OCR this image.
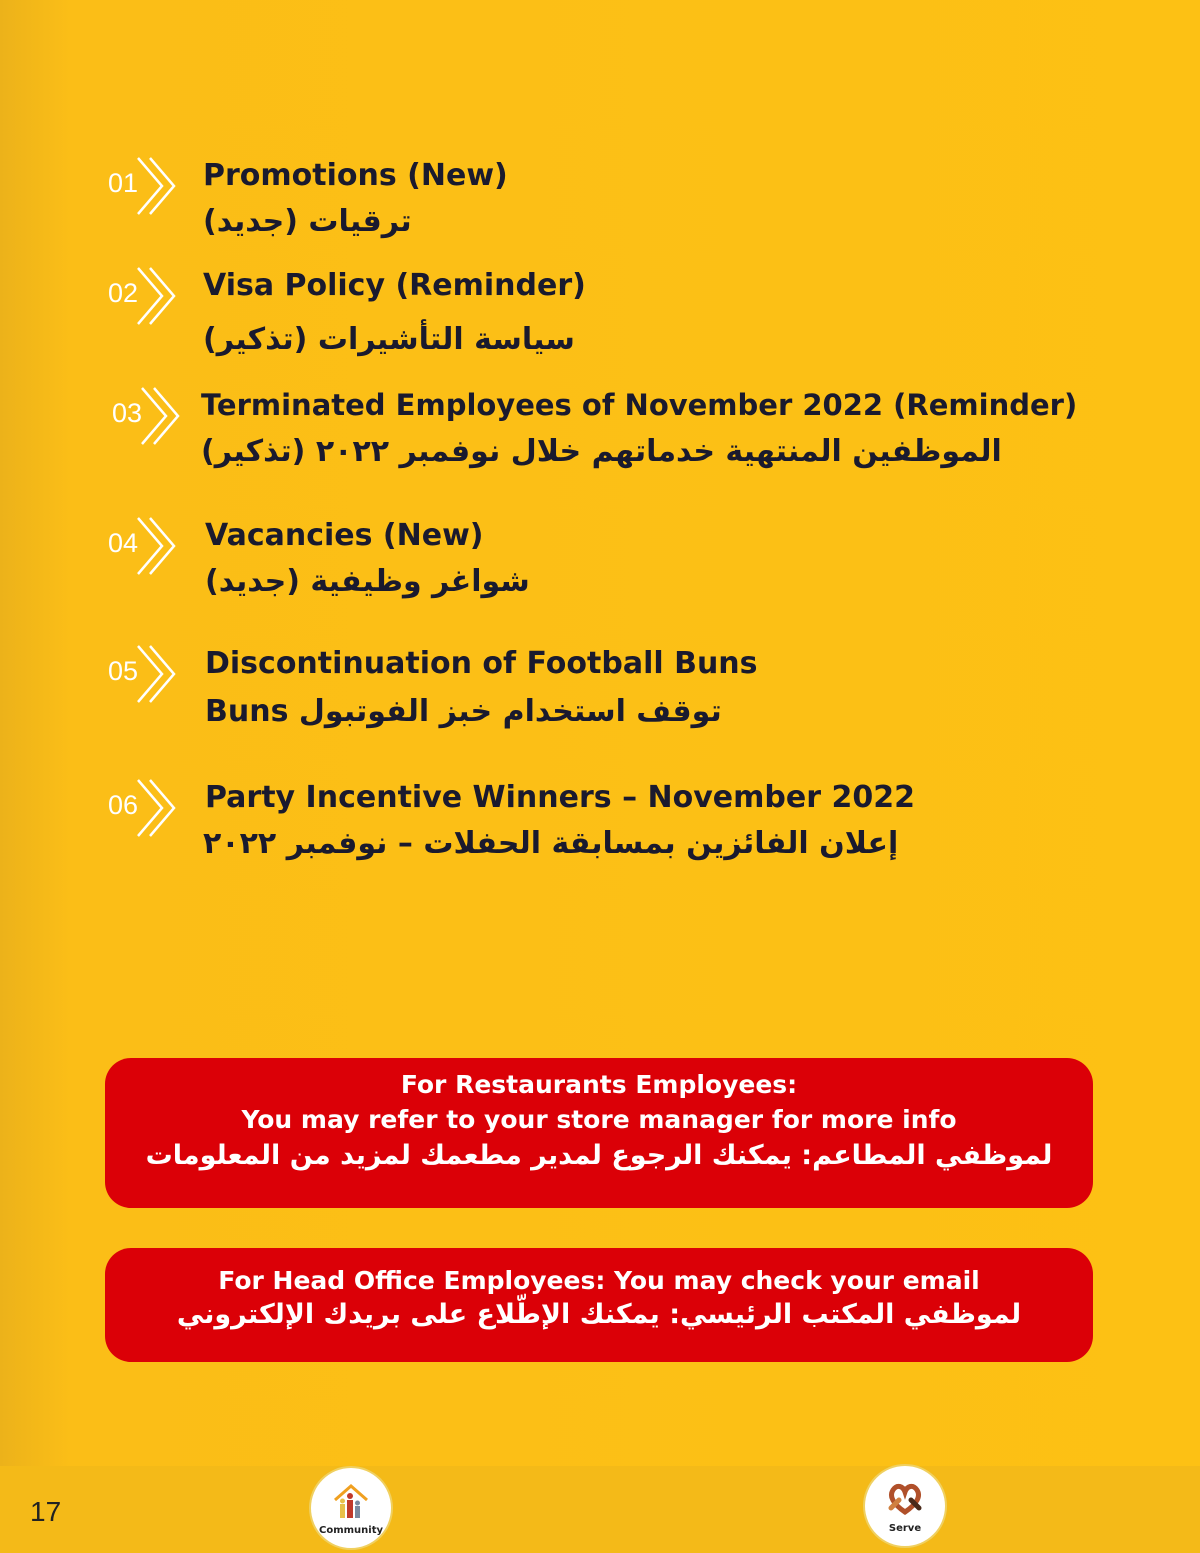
01 Promotions (New)
ترقيات (جديد)
02 Visa Policy (Reminder)
سياسة التأشيرات (تذكير)
03 Terminated Employees of November 2022 (Reminder)
الموظفين المنتهية خدماتهم خلال نوفمبر ٢٠٢٢ (تذكير)
04 Vacancies (New)
شواغر وظيفية (جديد)
05 Discontinuation of Football Buns
توقف استخدام خبز الفوتبول Buns
06 Party Incentive Winners – November 2022
إعلان الفائزين بمسابقة الحفلات – نوفمبر ٢٠٢٢
For Restaurants Employees:
You may refer to your store manager for more info
لموظفي المطاعم: يمكنك الرجوع لمدير مطعمك لمزيد من المعلومات
For Head Office Employees: You may check your email
لموظفي المكتب الرئيسي: يمكنك الإطّلاع على بريدك الإلكتروني
17
Community	Serve
